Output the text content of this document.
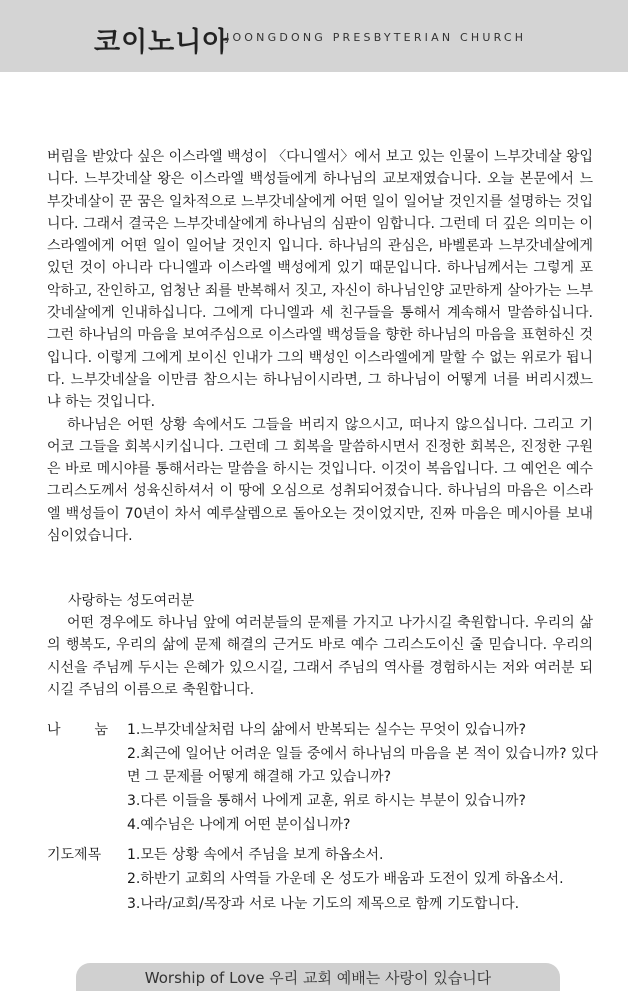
코이노니아
JOONGDONG PRESBYTERIAN CHURCH

버림을 받았다 싶은 이스라엘 백성이 〈다니엘서〉에서 보고 있는 인물이 느부갓네살 왕입니다. 느부갓네살 왕은 이스라엘 백성들에게 하나님의 교보재였습니다. 오늘 본문에서 느부갓네살이 꾼 꿈은 일차적으로 느부갓네살에게 어떤 일이 일어날 것인지를 설명하는 것입니다. 그래서 결국은 느부갓네살에게 하나님의 심판이 임합니다. 그런데 더 깊은 의미는 이스라엘에게 어떤 일이 일어날 것인지 입니다. 하나님의 관심은, 바벨론과 느부갓네살에게 있던 것이 아니라 다니엘과 이스라엘 백성에게 있기 때문입니다. 하나님께서는 그렇게 포악하고, 잔인하고, 엄청난 죄를 반복해서 짓고, 자신이 하나님인양 교만하게 살아가는 느부갓네살에게 인내하십니다. 그에게 다니엘과 세 친구들을 통해서 계속해서 말씀하십니다. 그런 하나님의 마음을 보여주심으로 이스라엘 백성들을 향한 하나님의 마음을 표현하신 것입니다. 이렇게 그에게 보이신 인내가 그의 백성인 이스라엘에게 말할 수 없는 위로가 됩니다. 느부갓네살을 이만큼 참으시는 하나님이시라면, 그 하나님이 어떻게 너를 버리시겠느냐 하는 것입니다.

하나님은 어떤 상황 속에서도 그들을 버리지 않으시고, 떠나지 않으십니다. 그리고 기어코 그들을 회복시키십니다. 그런데 그 회복을 말씀하시면서 진정한 회복은, 진정한 구원은 바로 메시야를 통해서라는 말씀을 하시는 것입니다. 이것이 복음입니다. 그 예언은 예수 그리스도께서 성육신하셔서 이 땅에 오심으로 성취되어졌습니다. 하나님의 마음은 이스라엘 백성들이 70년이 차서 예루살렘으로 돌아오는 것이었지만, 진짜 마음은 메시아를 보내심이었습니다.

사랑하는 성도여러분
어떤 경우에도 하나님 앞에 여러분들의 문제를 가지고 나가시길 축원합니다. 우리의 삶의 행복도, 우리의 삶에 문제 해결의 근거도 바로 예수 그리스도이신 줄 믿습니다. 우리의 시선을 주님께 두시는 은혜가 있으시길, 그래서 주님의 역사를 경험하시는 저와 여러분 되시길 주님의 이름으로 축원합니다.
나 눔	1.느부갓네살처럼 나의 삶에서 반복되는 실수는 무엇이 있습니까?

2.최근에 일어난 어려운 일들 중에서 하나님의 마음을 본 적이 있습니까? 있다면 그 문제를 어떻게 해결해 가고 있습니까?

3.다른 이들을 통해서 나에게 교훈, 위로 하시는 부분이 있습니까?

4.예수님은 나에게 어떤 분이십니까?

기도제목	1.모든 상황 속에서 주님을 보게 하옵소서.

2.하반기 교회의 사역들 가운데 온 성도가 배움과 도전이 있게 하옵소서.

3.나라/교회/목장과 서로 나눈 기도의 제목으로 함께 기도합니다.

Worship of Love 우리 교회 예배는 사랑이 있습니다
